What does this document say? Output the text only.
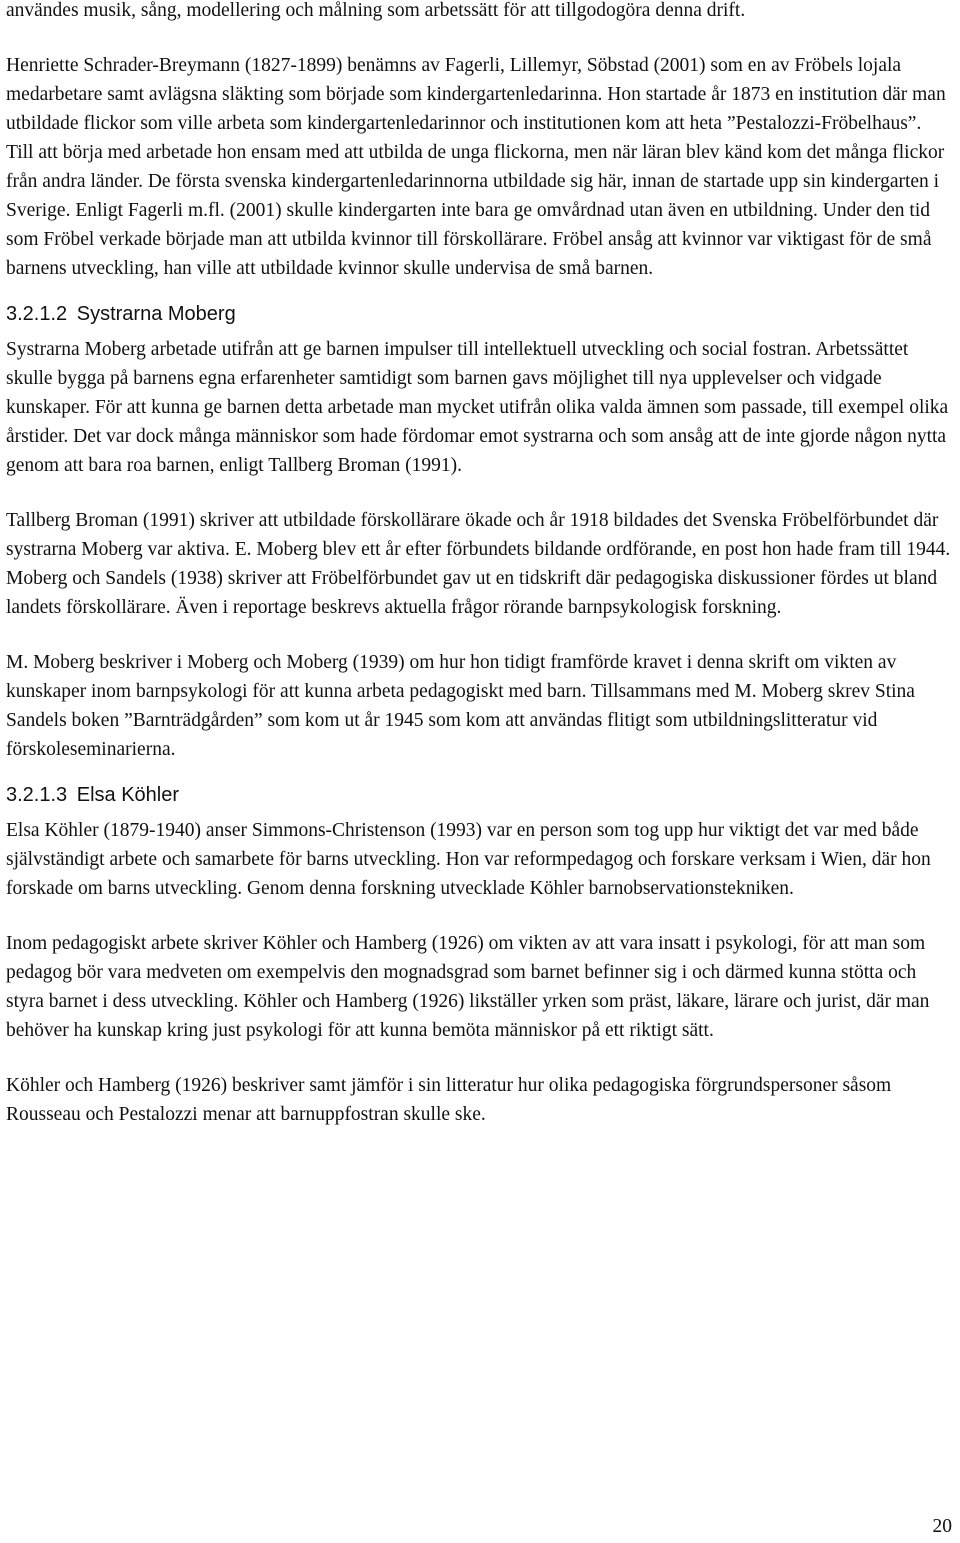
användes musik, sång, modellering och målning som arbetssätt för att tillgodogöra denna drift.

Henriette Schrader-Breymann (1827-1899) benämns av Fagerli, Lillemyr, Söbstad (2001) som en av Fröbels lojala medarbetare samt avlägsna släkting som började som kindergartenledarinna. Hon startade år 1873 en institution där man utbildade flickor som ville arbeta som kindergartenledarinnor och institutionen kom att heta ”Pestalozzi-Fröbelhaus”. Till att börja med arbetade hon ensam med att utbilda de unga flickorna, men när läran blev känd kom det många flickor från andra länder. De första svenska kindergartenledarinnorna utbildade sig här, innan de startade upp sin kindergarten i Sverige. Enligt Fagerli m.fl. (2001) skulle kindergarten inte bara ge omvårdnad utan även en utbildning. Under den tid som Fröbel verkade började man att utbilda kvinnor till förskollärare. Fröbel ansåg att kvinnor var viktigast för de små barnens utveckling, han ville att utbildade kvinnor skulle undervisa de små barnen.

3.2.1.2 Systrarna Moberg

Systrarna Moberg arbetade utifrån att ge barnen impulser till intellektuell utveckling och social fostran. Arbetssättet skulle bygga på barnens egna erfarenheter samtidigt som barnen gavs möjlighet till nya upplevelser och vidgade kunskaper. För att kunna ge barnen detta arbetade man mycket utifrån olika valda ämnen som passade, till exempel olika årstider. Det var dock många människor som hade fördomar emot systrarna och som ansåg att de inte gjorde någon nytta genom att bara roa barnen, enligt Tallberg Broman (1991).

Tallberg Broman (1991) skriver att utbildade förskollärare ökade och år 1918 bildades det Svenska Fröbelförbundet där systrarna Moberg var aktiva. E. Moberg blev ett år efter förbundets bildande ordförande, en post hon hade fram till 1944. Moberg och Sandels (1938) skriver att Fröbelförbundet gav ut en tidskrift där pedagogiska diskussioner fördes ut bland landets förskollärare. Även i reportage beskrevs aktuella frågor rörande barnpsykologisk forskning.

M. Moberg beskriver i Moberg och Moberg (1939) om hur hon tidigt framförde kravet i denna skrift om vikten av kunskaper inom barnpsykologi för att kunna arbeta pedagogiskt med barn. Tillsammans med M. Moberg skrev Stina Sandels boken ”Barnträdgården” som kom ut år 1945 som kom att användas flitigt som utbildningslitteratur vid förskoleseminarierna.

3.2.1.3 Elsa Köhler

Elsa Köhler (1879-1940) anser Simmons-Christenson (1993) var en person som tog upp hur viktigt det var med både självständigt arbete och samarbete för barns utveckling. Hon var reformpedagog och forskare verksam i Wien, där hon forskade om barns utveckling. Genom denna forskning utvecklade Köhler barnobservationstekniken.

Inom pedagogiskt arbete skriver Köhler och Hamberg (1926) om vikten av att vara insatt i psykologi, för att man som pedagog bör vara medveten om exempelvis den mognadsgrad som barnet befinner sig i och därmed kunna stötta och styra barnet i dess utveckling. Köhler och Hamberg (1926) likställer yrken som präst, läkare, lärare och jurist, där man behöver ha kunskap kring just psykologi för att kunna bemöta människor på ett riktigt sätt.

Köhler och Hamberg (1926) beskriver samt jämför i sin litteratur hur olika pedagogiska förgrundspersoner såsom Rousseau och Pestalozzi menar att barnuppfostran skulle ske.

20
